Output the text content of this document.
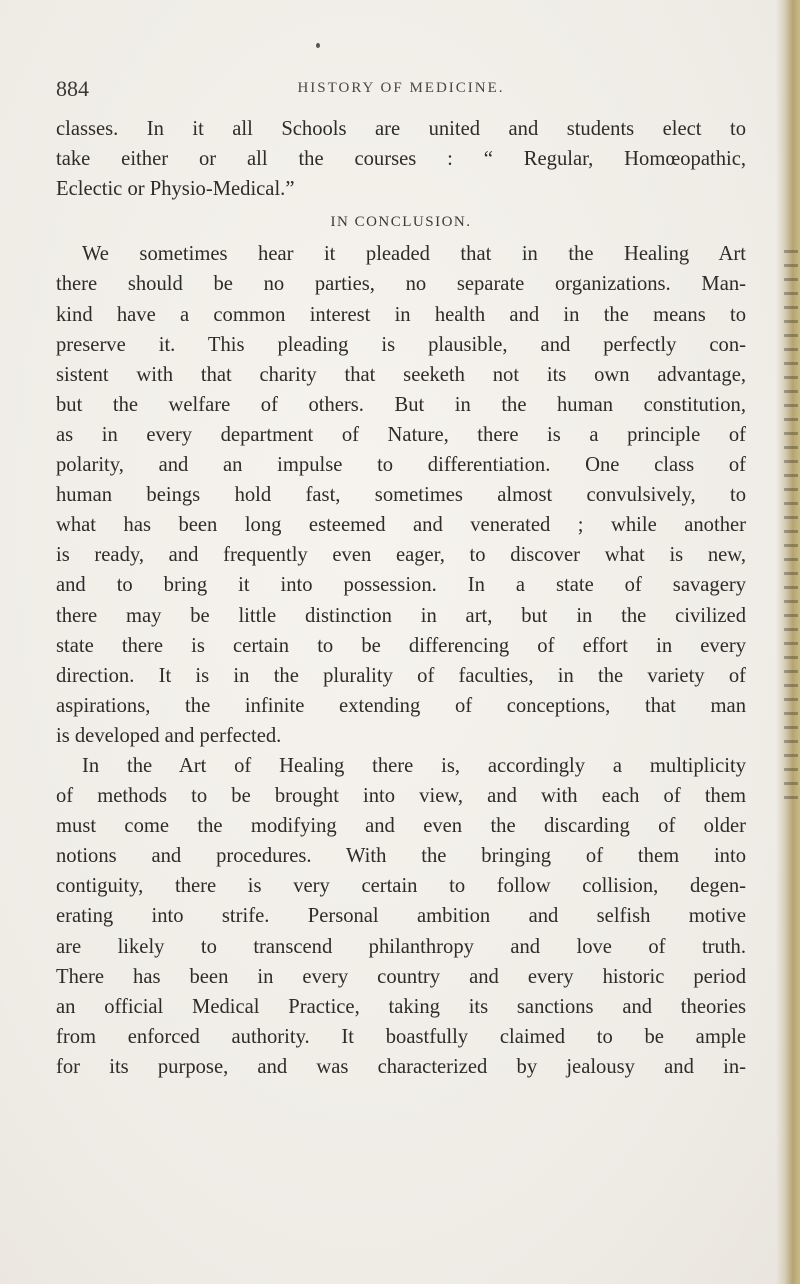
884	HISTORY OF MEDICINE.
classes. In it all Schools are united and students elect to
take either or all the courses : “ Regular, Homœopathic,
Eclectic or Physio-Medical.”
IN CONCLUSION.
We sometimes hear it pleaded that in the Healing Art
there should be no parties, no separate organizations. Man-
kind have a common interest in health and in the means to
preserve it. This pleading is plausible, and perfectly con-
sistent with that charity that seeketh not its own advantage,
but the welfare of others. But in the human constitution,
as in every department of Nature, there is a principle of
polarity, and an impulse to differentiation. One class of
human beings hold fast, sometimes almost convulsively, to
what has been long esteemed and venerated ; while another
is ready, and frequently even eager, to discover what is new,
and to bring it into possession. In a state of savagery
there may be little distinction in art, but in the civilized
state there is certain to be differencing of effort in every
direction. It is in the plurality of faculties, in the variety of
aspirations, the infinite extending of conceptions, that man
is developed and perfected.
In the Art of Healing there is, accordingly a multiplicity
of methods to be brought into view, and with each of them
must come the modifying and even the discarding of older
notions and procedures. With the bringing of them into
contiguity, there is very certain to follow collision, degen-
erating into strife. Personal ambition and selfish motive
are likely to transcend philanthropy and love of truth.
There has been in every country and every historic period
an official Medical Practice, taking its sanctions and theories
from enforced authority. It boastfully claimed to be ample
for its purpose, and was characterized by jealousy and in-
